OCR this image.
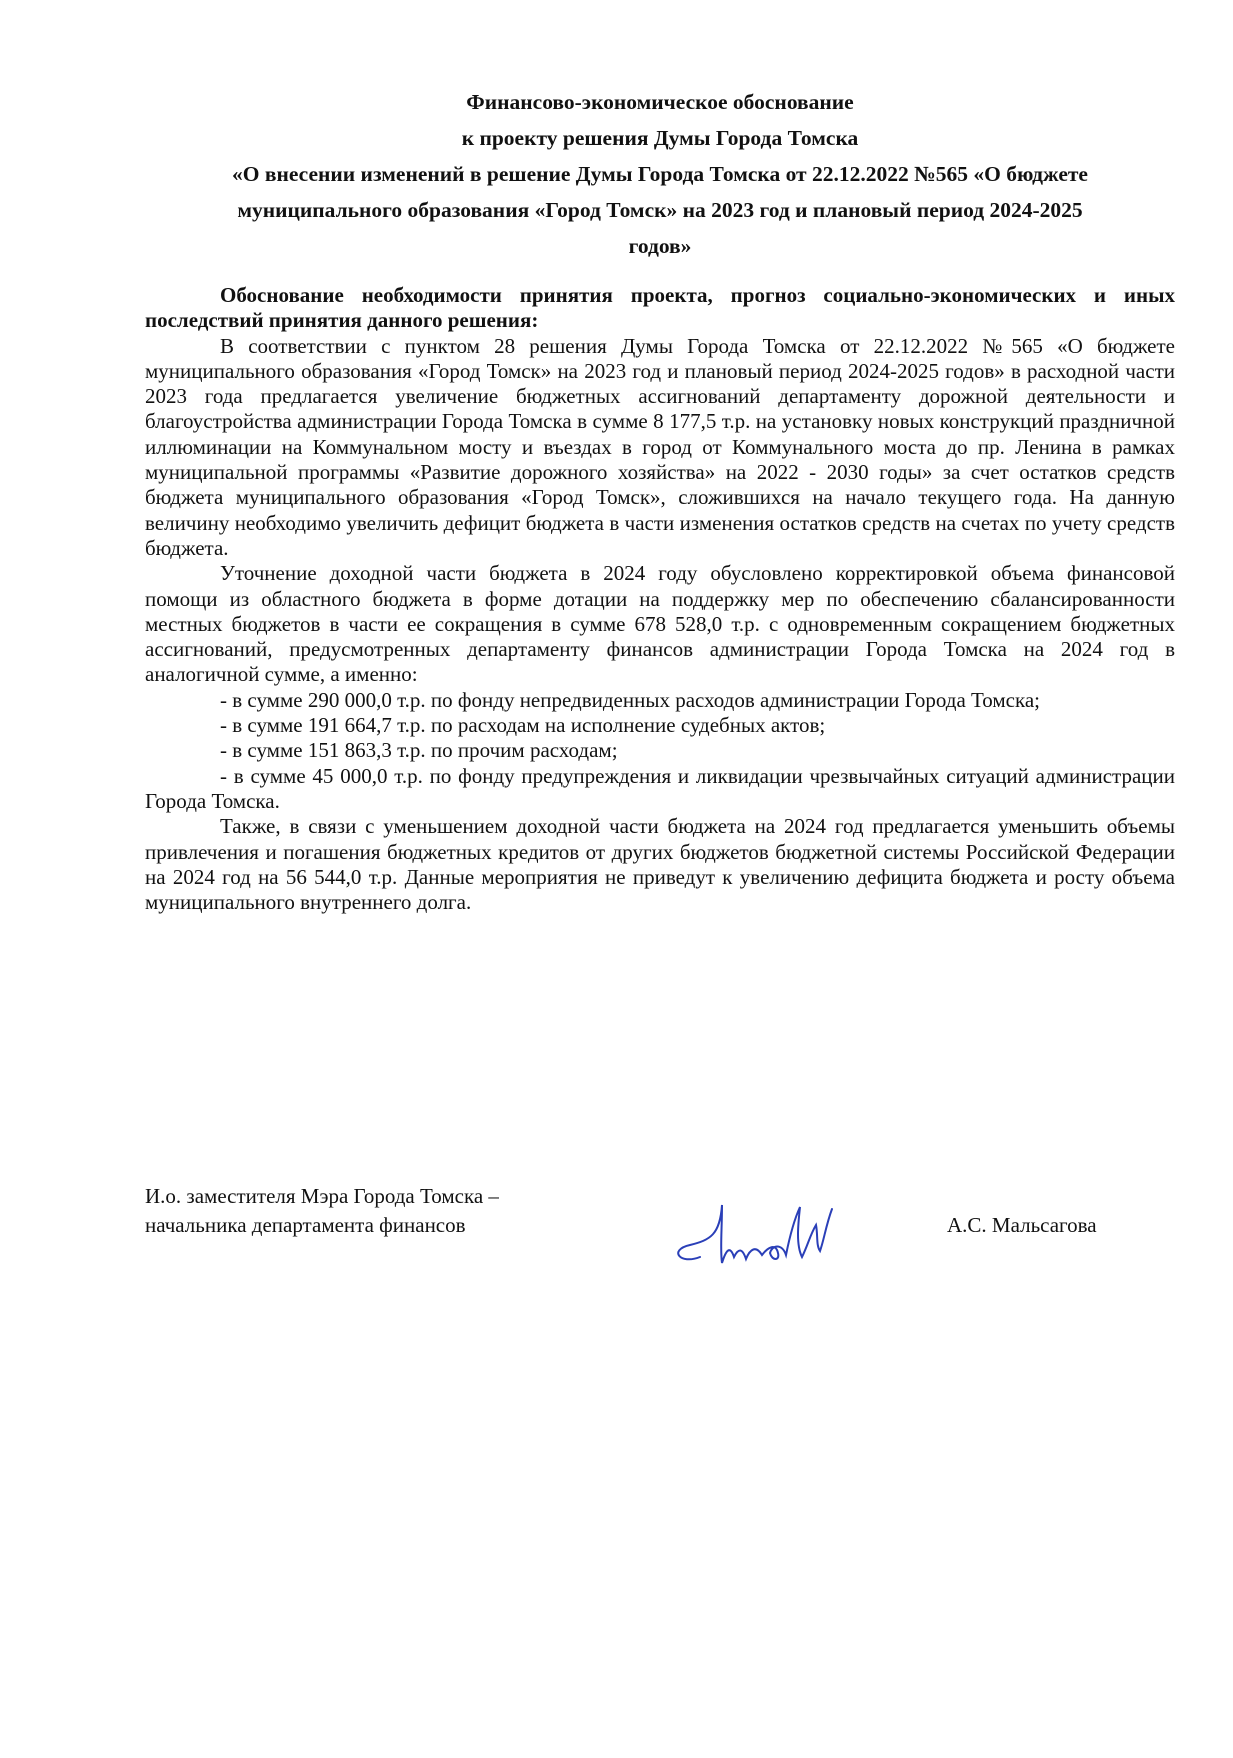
Финансово-экономическое обоснование
к проекту решения Думы Города Томска
«О внесении изменений в решение Думы Города Томска от 22.12.2022 №565 «О бюджете
муниципального образования «Город Томск» на 2023 год и плановый период 2024-2025
годов»

Обоснование необходимости принятия проекта, прогноз социально-экономических и иных последствий принятия данного решения:

В соответствии с пунктом 28 решения Думы Города Томска от 22.12.2022 №565 «О бюджете муниципального образования «Город Томск» на 2023 год и плановый период 2024-2025 годов» в расходной части 2023 года предлагается увеличение бюджетных ассигнований департаменту дорожной деятельности и благоустройства администрации Города Томска в сумме 8 177,5 т.р. на установку новых конструкций праздничной иллюминации на Коммунальном мосту и въездах в город от Коммунального моста до пр. Ленина в рамках муниципальной программы «Развитие дорожного хозяйства» на 2022 - 2030 годы» за счет остатков средств бюджета муниципального образования «Город Томск», сложившихся на начало текущего года. На данную величину необходимо увеличить дефицит бюджета в части изменения остатков средств на счетах по учету средств бюджета.

Уточнение доходной части бюджета в 2024 году обусловлено корректировкой объема финансовой помощи из областного бюджета в форме дотации на поддержку мер по обеспечению сбалансированности местных бюджетов в части ее сокращения в сумме 678 528,0 т.р. с одновременным сокращением бюджетных ассигнований, предусмотренных департаменту финансов администрации Города Томска на 2024 год в аналогичной сумме, а именно:

- в сумме 290 000,0 т.р. по фонду непредвиденных расходов администрации Города Томска;

- в сумме 191 664,7 т.р. по расходам на исполнение судебных актов;

- в сумме 151 863,3 т.р. по прочим расходам;

- в сумме 45 000,0 т.р. по фонду предупреждения и ликвидации чрезвычайных ситуаций администрации Города Томска.

Также, в связи с уменьшением доходной части бюджета на 2024 год предлагается уменьшить объемы привлечения и погашения бюджетных кредитов от других бюджетов бюджетной системы Российской Федерации на 2024 год на 56 544,0 т.р. Данные мероприятия не приведут к увеличению дефицита бюджета и росту объема муниципального внутреннего долга.

И.о. заместителя Мэра Города Томска –
начальника департамента финансов	А.С. Мальсагова
